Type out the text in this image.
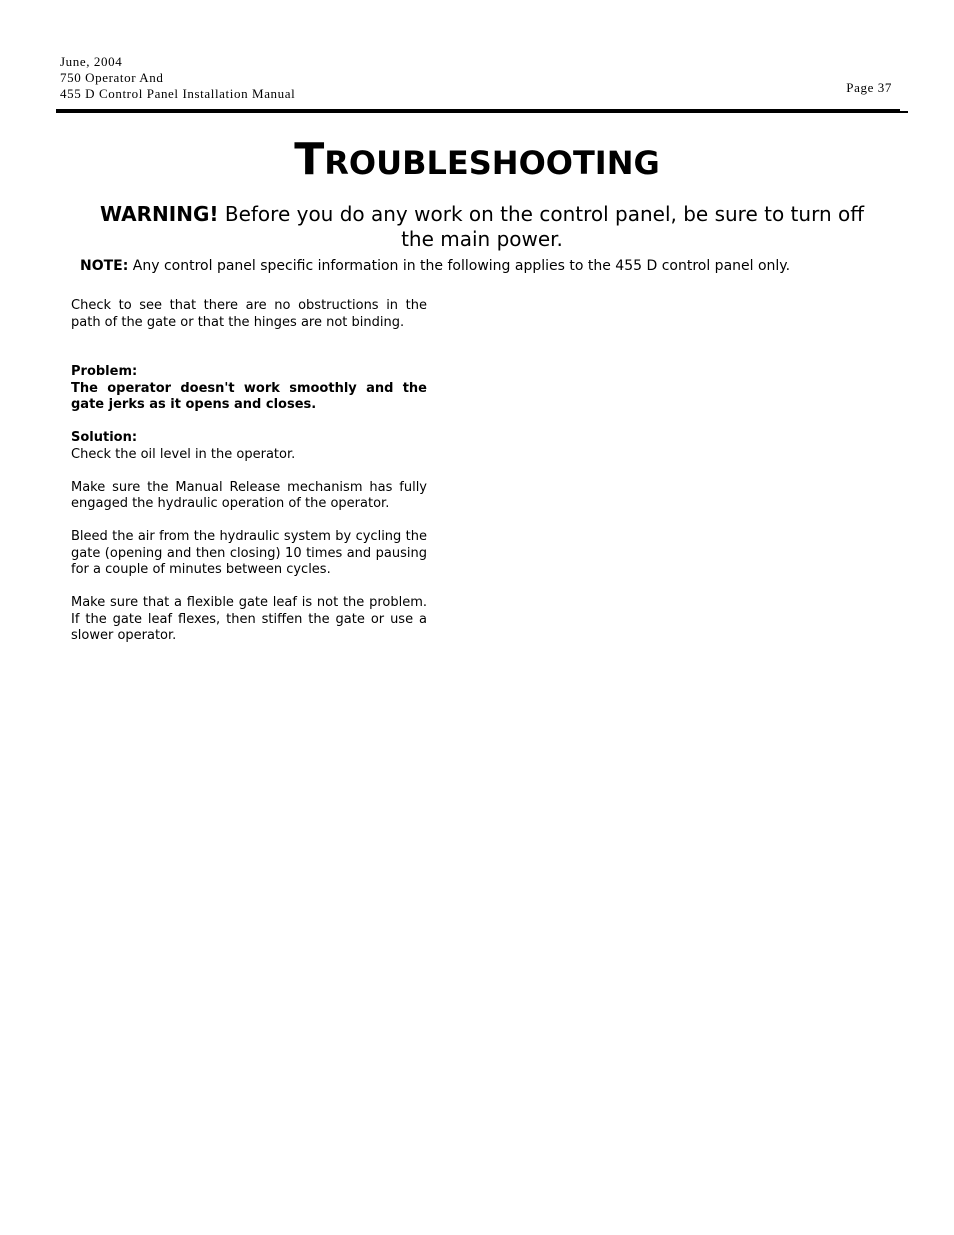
June, 2004
750 Operator And
455 D Control Panel Installation Manual	Page 37
TROUBLESHOOTING
WARNING! Before you do any work on the control panel, be sure to turn off the main power.
NOTE: Any control panel specific information in the following applies to the 455 D control panel only.

Check to see that there are no obstructions in the path of the gate or that the hinges are not binding.

Problem:

The operator doesn't work smoothly and the gate jerks as it opens and closes.

Solution:

Check the oil level in the operator.

Make sure the Manual Release mechanism has fully engaged the hydraulic operation of the operator.

Bleed the air from the hydraulic system by cycling the gate (opening and then closing) 10 times and pausing for a couple of minutes between cycles.

Make sure that a flexible gate leaf is not the problem. If the gate leaf flexes, then stiffen the gate or use a slower operator.
